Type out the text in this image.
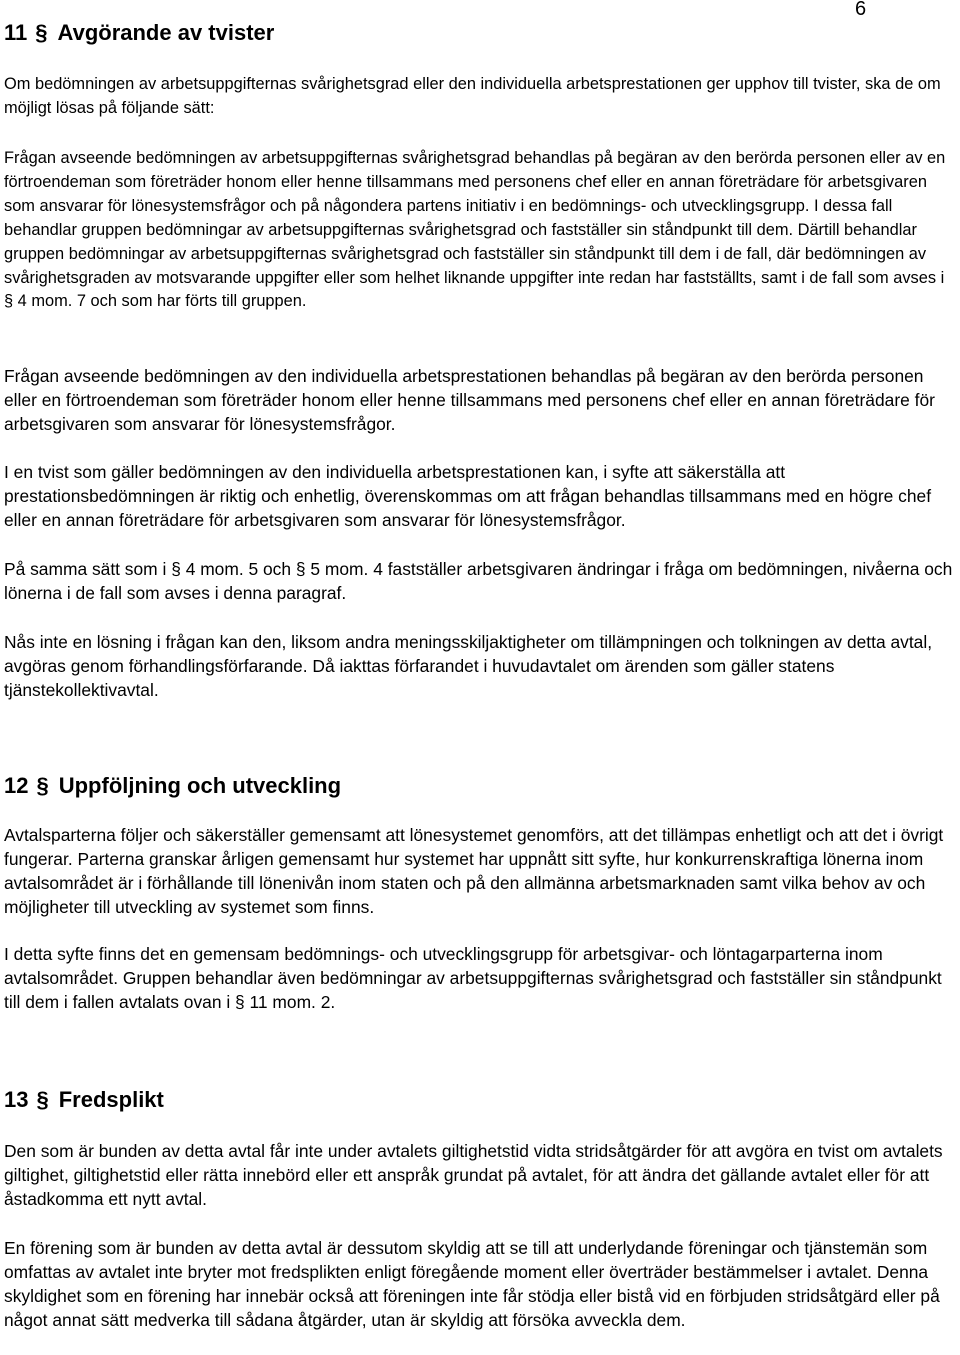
6
11 § Avgörande av tvister

Om bedömningen av arbetsuppgifternas svårighetsgrad eller den individuella arbetsprestationen ger upphov till tvister, ska de om möjligt lösas på följande sätt:

Frågan avseende bedömningen av arbetsuppgifternas svårighetsgrad behandlas på begäran av den berörda personen eller av en förtroendeman som företräder honom eller henne tillsammans med personens chef eller en annan företrädare för arbetsgivaren som ansvarar för lönesystemsfrågor och på någondera partens initiativ i en bedömnings- och utvecklingsgrupp. I dessa fall behandlar gruppen bedömningar av arbetsuppgifternas svårighetsgrad och fastställer sin ståndpunkt till dem. Därtill behandlar gruppen bedömningar av arbetsuppgifternas svårighetsgrad och fastställer sin ståndpunkt till dem i de fall, där bedömningen av svårighetsgraden av motsvarande uppgifter eller som helhet liknande uppgifter inte redan har fastställts, samt i de fall som avses i § 4 mom. 7 och som har förts till gruppen.

Frågan avseende bedömningen av den individuella arbetsprestationen behandlas på begäran av den berörda personen eller en förtroendeman som företräder honom eller henne tillsammans med personens chef eller en annan företrädare för arbetsgivaren som ansvarar för lönesystemsfrågor.

I en tvist som gäller bedömningen av den individuella arbetsprestationen kan, i syfte att säkerställa att prestationsbedömningen är riktig och enhetlig, överenskommas om att frågan behandlas tillsammans med en högre chef eller en annan företrädare för arbetsgivaren som ansvarar för lönesystemsfrågor.

På samma sätt som i § 4 mom. 5 och § 5 mom. 4 fastställer arbetsgivaren ändringar i fråga om bedömningen, nivåerna och lönerna i de fall som avses i denna paragraf.

Nås inte en lösning i frågan kan den, liksom andra meningsskiljaktigheter om tillämpningen och tolkningen av detta avtal, avgöras genom förhandlingsförfarande. Då iakttas förfarandet i huvudavtalet om ärenden som gäller statens tjänstekollektivavtal.

12 § Uppföljning och utveckling

Avtalsparterna följer och säkerställer gemensamt att lönesystemet genomförs, att det tillämpas enhetligt och att det i övrigt fungerar. Parterna granskar årligen gemensamt hur systemet har uppnått sitt syfte, hur konkurrenskraftiga lönerna inom avtalsområdet är i förhållande till lönenivån inom staten och på den allmänna arbetsmarknaden samt vilka behov av och möjligheter till utveckling av systemet som finns.

I detta syfte finns det en gemensam bedömnings- och utvecklingsgrupp för arbetsgivar- och löntagarparterna inom avtalsområdet. Gruppen behandlar även bedömningar av arbetsuppgifternas svårighetsgrad och fastställer sin ståndpunkt till dem i fallen avtalats ovan i § 11 mom. 2.

13 § Fredsplikt

Den som är bunden av detta avtal får inte under avtalets giltighetstid vidta stridsåtgärder för att avgöra en tvist om avtalets giltighet, giltighetstid eller rätta innebörd eller ett anspråk grundat på avtalet, för att ändra det gällande avtalet eller för att åstadkomma ett nytt avtal.

En förening som är bunden av detta avtal är dessutom skyldig att se till att underlydande föreningar och tjänstemän som omfattas av avtalet inte bryter mot fredsplikten enligt föregående moment eller överträder bestämmelser i avtalet. Denna skyldighet som en förening har innebär också att föreningen inte får stödja eller bistå vid en förbjuden stridsåtgärd eller på något annat sätt medverka till sådana åtgärder, utan är skyldig att försöka avveckla dem.
